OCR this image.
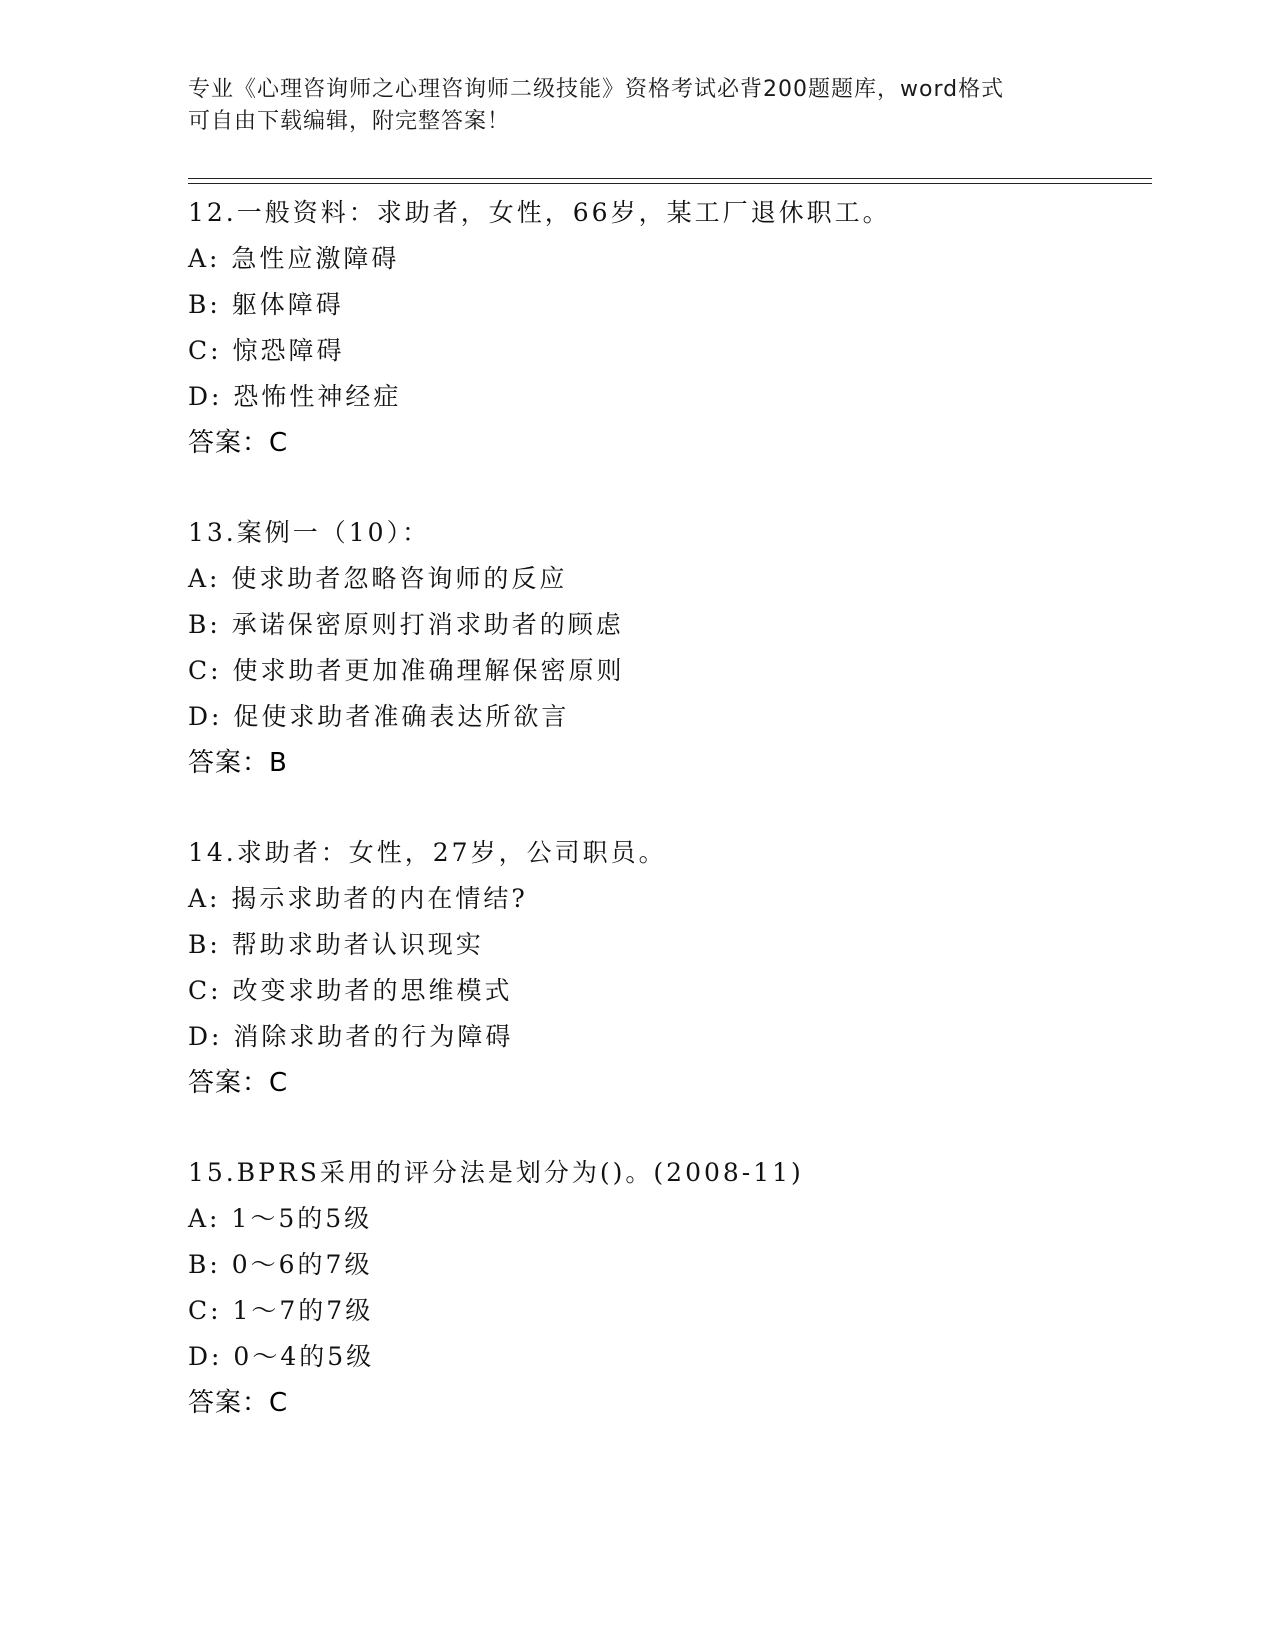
专业《心理咨询师之心理咨询师二级技能》资格考试必背200题题库，word格式
可自由下载编辑，附完整答案！
12.一般资料：求助者，女性，66岁，某工厂退休职工。
A: 急性应激障碍
B: 躯体障碍
C: 惊恐障碍
D: 恐怖性神经症
答案：C
13.案例一（10）：
A: 使求助者忽略咨询师的反应
B: 承诺保密原则打消求助者的顾虑
C: 使求助者更加准确理解保密原则
D: 促使求助者准确表达所欲言
答案：B
14.求助者：女性，27岁，公司职员。
A: 揭示求助者的内在情结?
B: 帮助求助者认识现实
C: 改变求助者的思维模式
D: 消除求助者的行为障碍
答案：C
15.BPRS采用的评分法是划分为()。(2008-11)
A: 1～5的5级
B: 0～6的7级
C: 1～7的7级
D: 0～4的5级
答案：C
